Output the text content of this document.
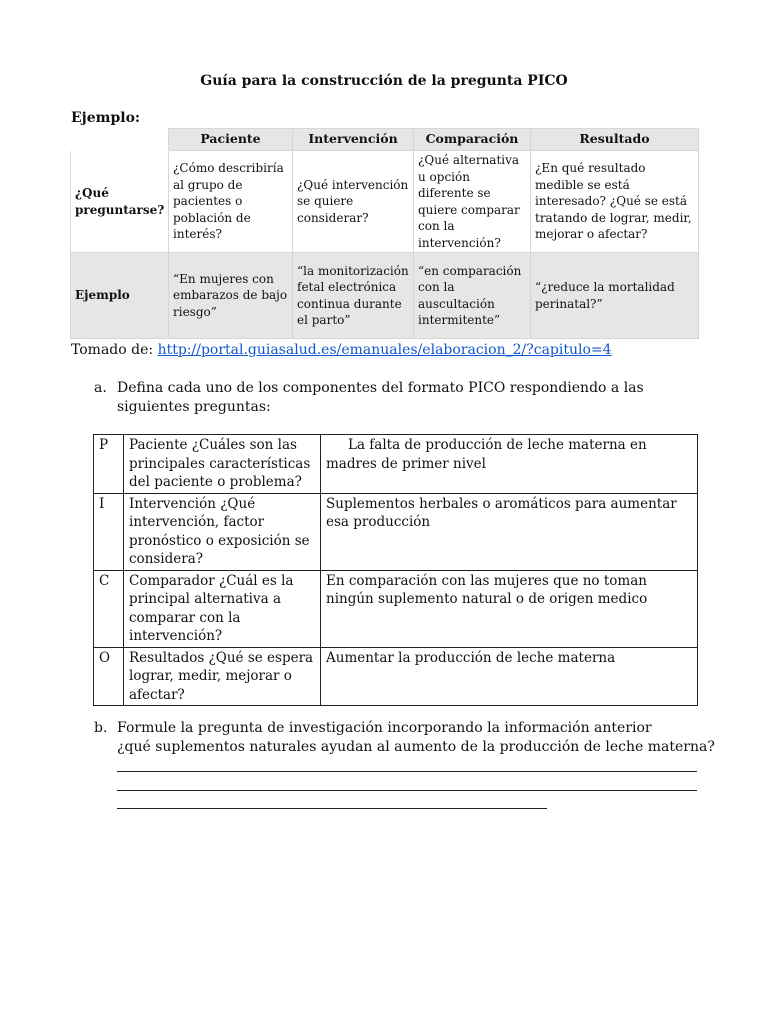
Guía para la construcción de la pregunta PICO
Ejemplo:
	Paciente	Intervención	Comparación	Resultado
¿Qué preguntarse?	¿Cómo describiría al grupo de pacientes o población de interés?	¿Qué intervención se quiere considerar?	¿Qué alternativa u opción diferente se quiere comparar con la intervención?	¿En qué resultado medible se está interesado? ¿Qué se está tratando de lograr, medir, mejorar o afectar?
Ejemplo	“En mujeres con embarazos de bajo riesgo”	“la monitorización fetal electrónica continua durante el parto”	“en comparación con la auscultación intermitente”	“¿reduce la mortalidad perinatal?”
Tomado de: http://portal.guiasalud.es/emanuales/elaboracion_2/?capitulo=4
a. Defina cada uno de los componentes del formato PICO respondiendo a las siguientes preguntas:
P	Paciente ¿Cuáles son las principales características del paciente o problema?	La falta de producción de leche materna en madres de primer nivel
I	Intervención ¿Qué intervención, factor pronóstico o exposición se considera?	Suplementos herbales o aromáticos para aumentar esa producción
C	Comparador ¿Cuál es la principal alternativa a comparar con la intervención?	En comparación con las mujeres que no toman ningún suplemento natural o de origen medico
O	Resultados ¿Qué se espera lograr, medir, mejorar o afectar?	Aumentar la producción de leche materna
b. Formule la pregunta de investigación incorporando la información anterior
¿qué suplementos naturales ayudan al aumento de la producción de leche materna?
